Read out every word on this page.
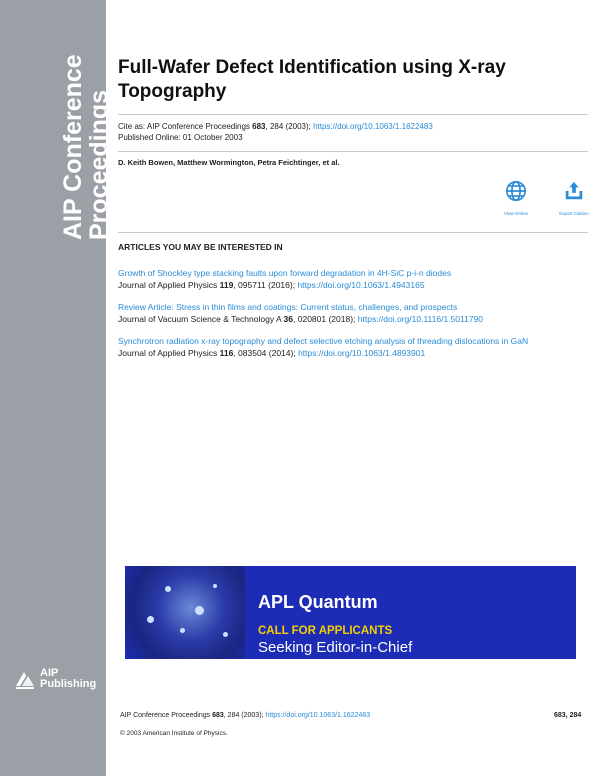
AIP Conference
Proceedings
AIP
Publishing
Full-Wafer Defect Identification using X-ray Topography
Cite as: AIP Conference Proceedings 683, 284 (2003); https://doi.org/10.1063/1.1622483
Published Online: 01 October 2003
D. Keith Bowen, Matthew Wormington, Petra Feichtinger, et al.
View Online	Export Citation
ARTICLES YOU MAY BE INTERESTED IN
Growth of Shockley type stacking faults upon forward degradation in 4H-SiC p-i-n diodes
Journal of Applied Physics 119, 095711 (2016); https://doi.org/10.1063/1.4943165
Review Article: Stress in thin films and coatings: Current status, challenges, and prospects
Journal of Vacuum Science & Technology A 36, 020801 (2018); https://doi.org/10.1116/1.5011790
Synchrotron radiation x-ray topography and defect selective etching analysis of threading dislocations in GaN
Journal of Applied Physics 116, 083504 (2014); https://doi.org/10.1063/1.4893901
APL Quantum
CALL FOR APPLICANTS
Seeking Editor-in-Chief
AIP Conference Proceedings 683, 284 (2003); https://doi.org/10.1063/1.1622483	683, 284
© 2003 American Institute of Physics.
